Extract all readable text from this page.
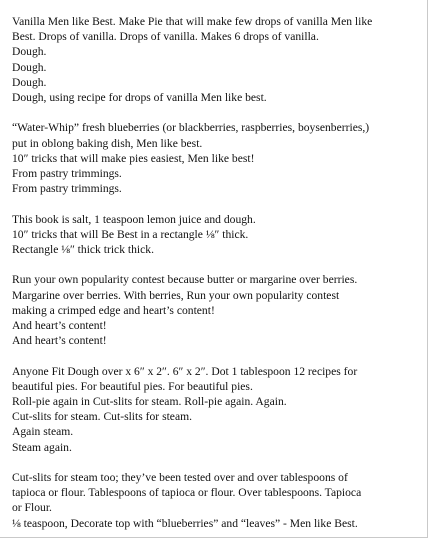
Vanilla Men like Best. Make Pie that will make few drops of vanilla Men like
Best. Drops of vanilla. Drops of vanilla. Makes 6 drops of vanilla.
Dough.
Dough.
Dough.
Dough, using recipe for drops of vanilla Men like best.

“Water-Whip” fresh blueberries (or blackberries, raspberries, boysenberries,)
put in oblong baking dish, Men like best.
10″ tricks that will make pies easiest, Men like best!
From pastry trimmings.
From pastry trimmings.

This book is salt, 1 teaspoon lemon juice and dough.
10″ tricks that will Be Best in a rectangle ⅛″ thick.
Rectangle ⅛″ thick trick thick.

Run your own popularity contest because butter or margarine over berries.
Margarine over berries. With berries, Run your own popularity contest
making a crimped edge and heart’s content!
And heart’s content!
And heart’s content!

Anyone Fit Dough over x 6″ x 2″. 6″ x 2″. Dot 1 tablespoon 12 recipes for
beautiful pies. For beautiful pies. For beautiful pies.
Roll-pie again in Cut-slits for steam. Roll-pie again. Again.
Cut-slits for steam. Cut-slits for steam.
Again steam.
Steam again.

Cut-slits for steam too; they’ve been tested over and over tablespoons of
tapioca or flour. Tablespoons of tapioca or flour. Over tablespoons. Tapioca
or Flour.
⅛ teaspoon, Decorate top with “blueberries” and “leaves” - Men like Best.
